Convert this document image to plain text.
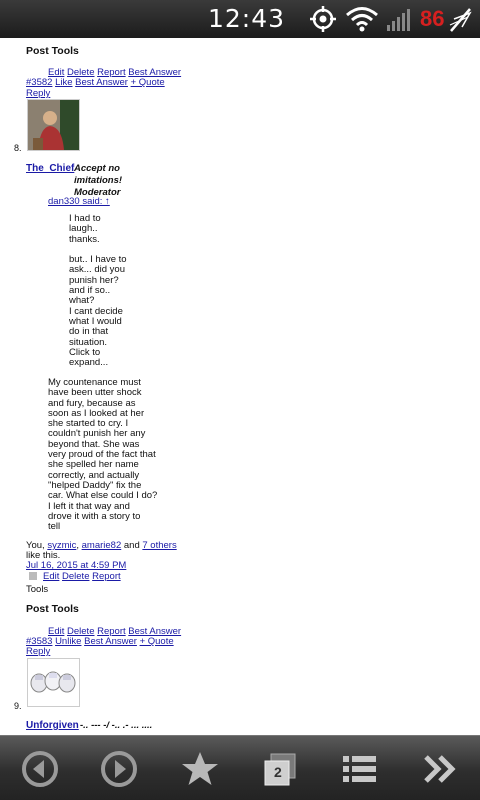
12:43	86
Post Tools
Edit Delete Report Best Answer
#3582 Like Best Answer + Quote
Reply
8.
The_Chief Accept no imitations! Moderator
dan330 said: ↑
I had to
laugh..
thanks.
but.. I have to
ask... did you
punish her?
and if so..
what?
I cant decide
what I would
do in that
situation.
Click to
expand...
My countenance must
have been utter shock
and fury, because as
soon as I looked at her
she started to cry. I
couldn't punish her any
beyond that. She was
very proud of the fact that
she spelled her name
correctly, and actually
"helped Daddy" fix the
car. What else could I do?
I left it that way and
drove it with a story to
tell
You, syzmic, amarie82 and 7 others
like this.
Jul 16, 2015 at 4:59 PM
Edit Delete Report
Tools
Post Tools
Edit Delete Report Best Answer
#3583 Unlike Best Answer + Quote
Reply
9.
Unforgiven -.. --- -/ -.. .- ... ....
2
